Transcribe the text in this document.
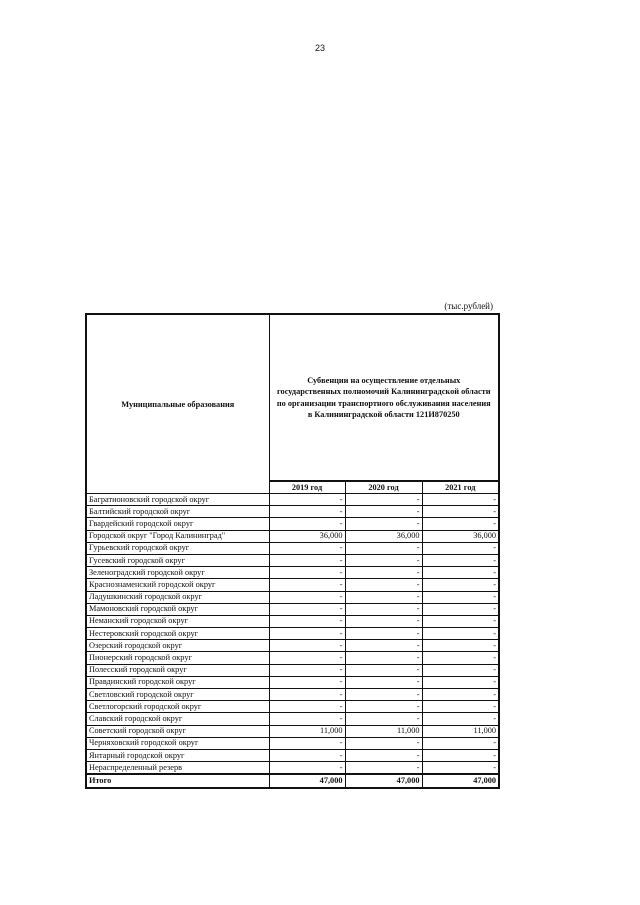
23
(тыс.рублей)
Муниципальные образования	Субвенции на осуществление отдельных государственных полномочий Калининградской области по организации транспортного обслуживания населения в Калининградской области 121И870250		
	2019 год	2020 год	2021 год
Багратионовский городской округ	-	-	-
Балтийский городской округ	-	-	-
Гвардейский городской округ	-	-	-
Городской округ "Город Калининград"	36,000	36,000	36,000
Гурьевский городской округ	-	-	-
Гусевский городской округ	-	-	-
Зеленоградский городской округ	-	-	-
Краснознаменский городской округ	-	-	-
Ладушкинский городской округ	-	-	-
Мамоновский городской округ	-	-	-
Неманский городской округ	-	-	-
Нестеровский городской округ	-	-	-
Озерский городской округ	-	-	-
Пионерский городской округ	-	-	-
Полесский городской округ	-	-	-
Правдинский городской округ	-	-	-
Светловский городской округ	-	-	-
Светлогорский городской округ	-	-	-
Славский городской округ	-	-	-
Советский городской округ	11,000	11,000	11,000
Черняховский городской округ	-	-	-
Янтарный городской округ	-	-	-
Нераспределенный резерв	-	-	-
Итого	47,000	47,000	47,000
